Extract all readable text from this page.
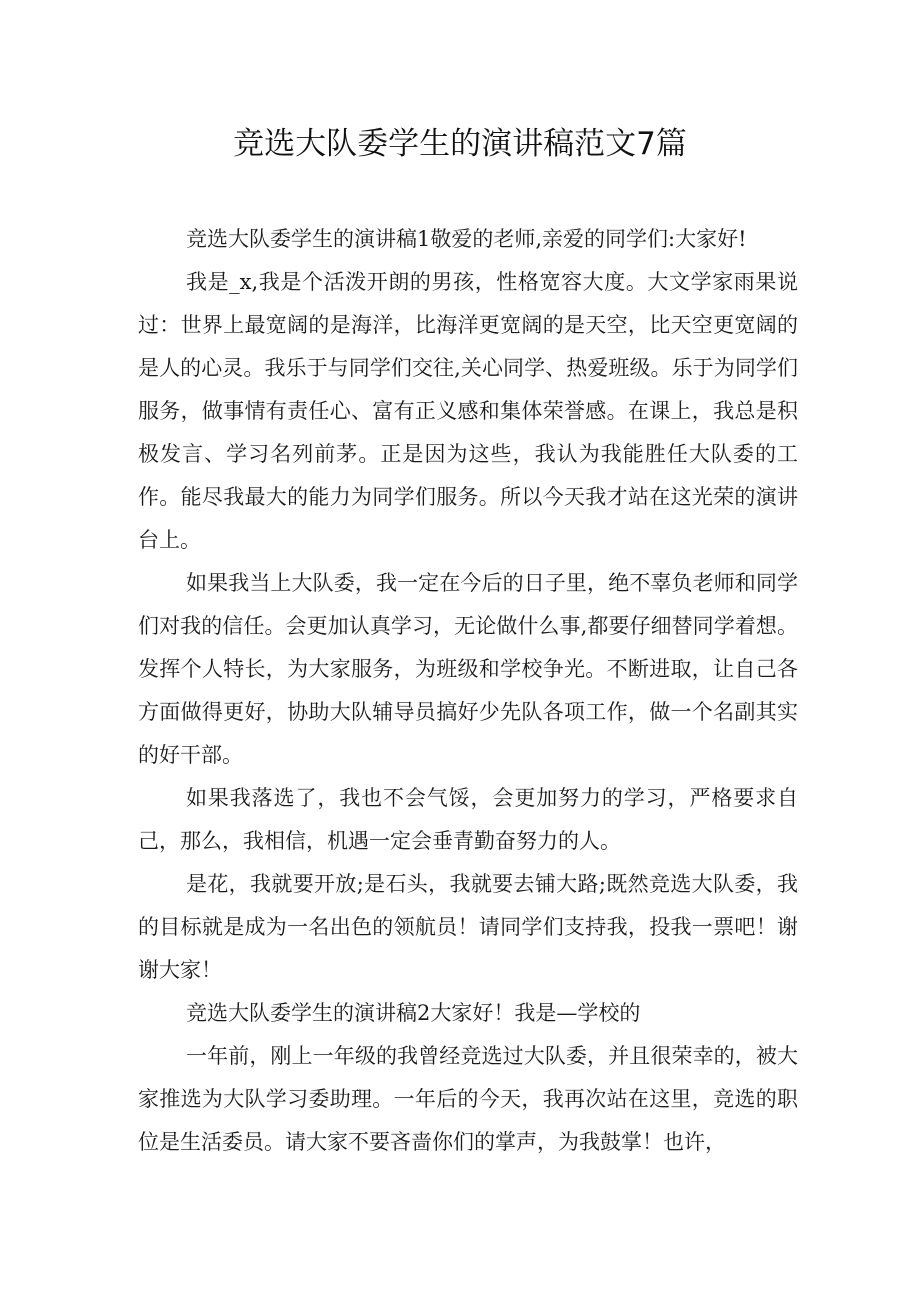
竞选大队委学生的演讲稿范文7篇

竞选大队委学生的演讲稿1敬爱的老师,亲爱的同学们:大家好!

我是_x,我是个活泼开朗的男孩，性格宽容大度。大文学家雨果说过：世界上最宽阔的是海洋，比海洋更宽阔的是天空，比天空更宽阔的是人的心灵。我乐于与同学们交往,关心同学、热爱班级。乐于为同学们服务，做事情有责任心、富有正义感和集体荣誉感。在课上，我总是积极发言、学习名列前茅。正是因为这些，我认为我能胜任大队委的工作。能尽我最大的能力为同学们服务。所以今天我才站在这光荣的演讲台上。

如果我当上大队委，我一定在今后的日子里，绝不辜负老师和同学们对我的信任。会更加认真学习，无论做什么事,都要仔细替同学着想。发挥个人特长，为大家服务，为班级和学校争光。不断进取，让自己各方面做得更好，协助大队辅导员搞好少先队各项工作，做一个名副其实的好干部。

如果我落选了，我也不会气馁，会更加努力的学习，严格要求自己，那么，我相信，机遇一定会垂青勤奋努力的人。

是花，我就要开放;是石头，我就要去铺大路;既然竞选大队委，我的目标就是成为一名出色的领航员！请同学们支持我，投我一票吧！谢谢大家！

竞选大队委学生的演讲稿2大家好！我是—学校的

一年前，刚上一年级的我曾经竞选过大队委，并且很荣幸的，被大家推选为大队学习委助理。一年后的今天，我再次站在这里，竞选的职位是生活委员。请大家不要吝啬你们的掌声，为我鼓掌！也许，
